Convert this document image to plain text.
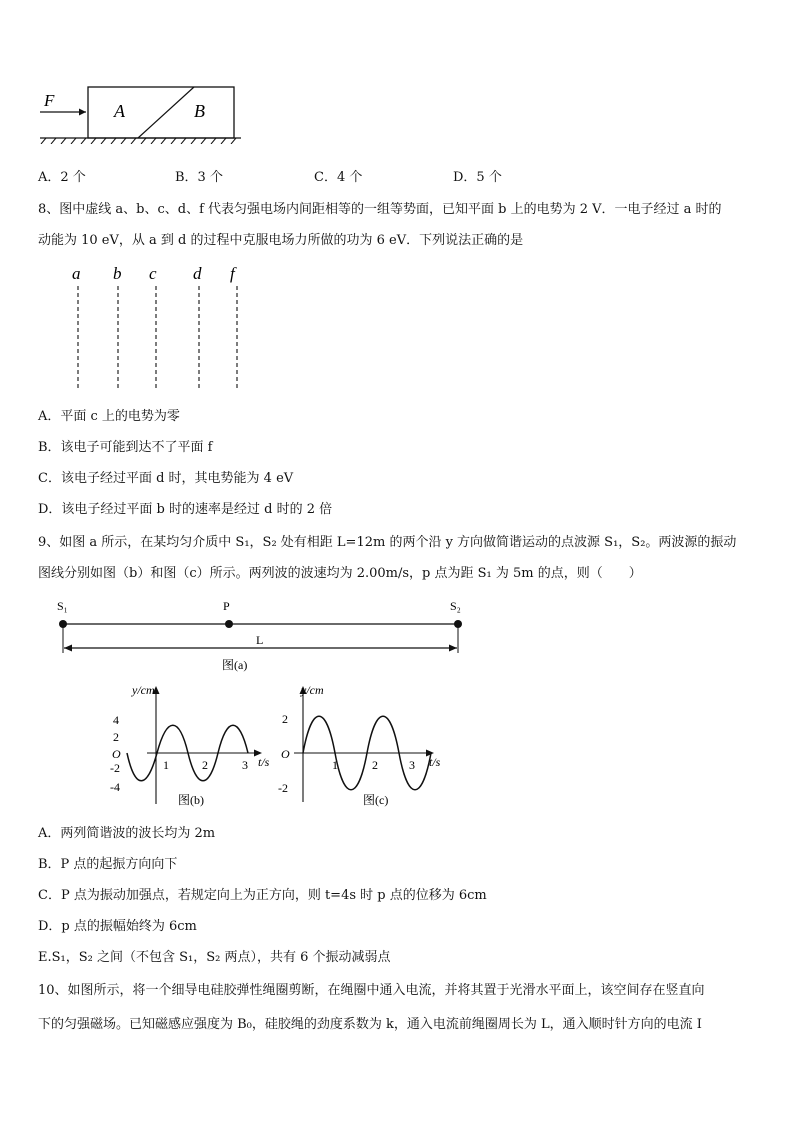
F
A	B
A．2 个	B．3 个	C．4 个	D．5 个
8、图中虚线 a、b、c、d、f 代表匀强电场内间距相等的一组等势面，已知平面 b 上的电势为 2 V．一电子经过 a 时的
动能为 10 eV，从 a 到 d 的过程中克服电场力所做的功为 6 eV．下列说法正确的是
a b c d f
A．平面 c 上的电势为零
B．该电子可能到达不了平面 f
C．该电子经过平面 d 时，其电势能为 4 eV
D．该电子经过平面 b 时的速率是经过 d 时的 2 倍
9、如图 a 所示，在某均匀介质中 S₁，S₂ 处有相距 L=12m 的两个沿 y 方向做简谐运动的点波源 S₁，S₂。两波源的振动
图线分别如图（b）和图（c）所示。两列波的波速均为 2.00m/s，p 点为距 S₁ 为 5m 的点，则（　　）
S₁	P	S₂
L
图(a)
y/cm
t/s
O
4
2
-2
-4
1	2	3
图(b)
y/cm
t/s
O
2
-2
1	2	3
图(c)
A．两列简谐波的波长均为 2m
B．P 点的起振方向向下
C．P 点为振动加强点，若规定向上为正方向，则 t=4s 时 p 点的位移为 6cm
D．p 点的振幅始终为 6cm
E.S₁，S₂ 之间（不包含 S₁，S₂ 两点），共有 6 个振动减弱点
10、如图所示，将一个细导电硅胶弹性绳圈剪断，在绳圈中通入电流，并将其置于光滑水平面上，该空间存在竖直向
下的匀强磁场。已知磁感应强度为 B₀，硅胶绳的劲度系数为 k，通入电流前绳圈周长为 L，通入顺时针方向的电流 I
